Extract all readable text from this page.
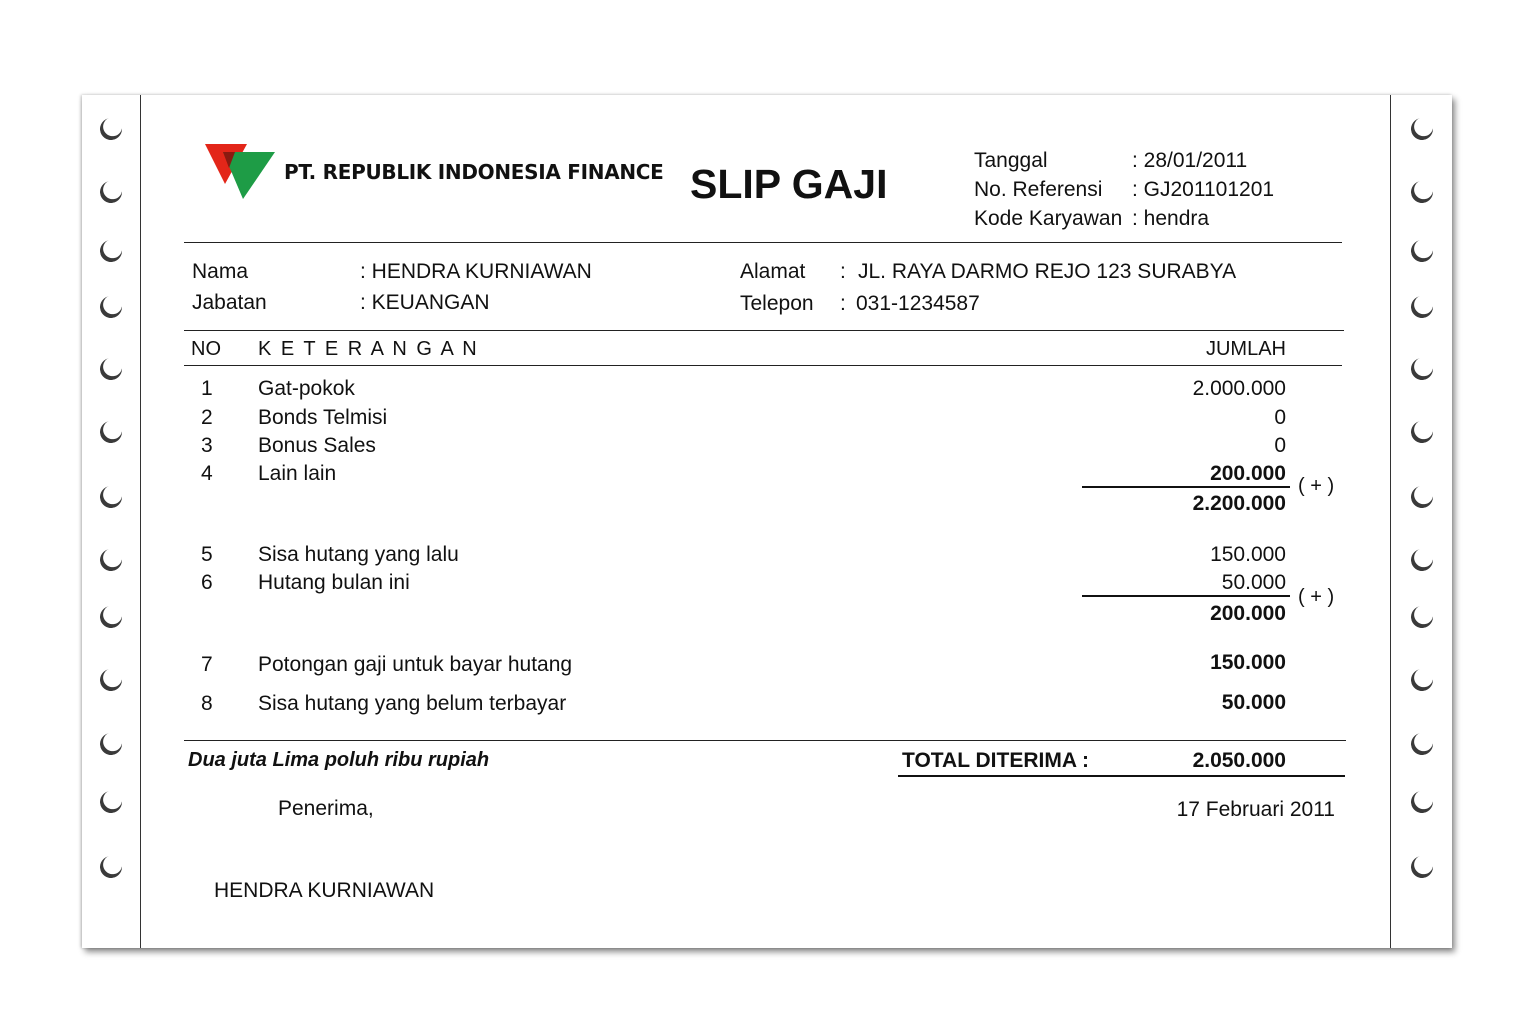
PT. REPUBLIK INDONESIA FINANCE SLIP GAJI
Tanggal	: 28/01/2011
No. Referensi : GJ201101201
Kode Karyawan : hendra
Nama	: HENDRA KURNIAWAN
Jabatan	: KEUANGAN
Alamat : JL. RAYA DARMO REJO 123 SURABYA
Telepon : 031-1234587
NO K E T E R A N G A N	JUMLAH
1 Gat-pokok	2.000.000
2 Bonds Telmisi	0
3 Bonus Sales	0
4 Lain lain	200.000
( + )
2.200.000
5 Sisa hutang yang lalu	150.000
6 Hutang bulan ini	50.000
( + )
200.000
7 Potongan gaji untuk bayar hutang	150.000
8 Sisa hutang yang belum terbayar	50.000
Dua juta Lima poluh ribu rupiah	TOTAL DITERIMA :	2.050.000
Penerima,	17 Februari 2011
HENDRA KURNIAWAN
